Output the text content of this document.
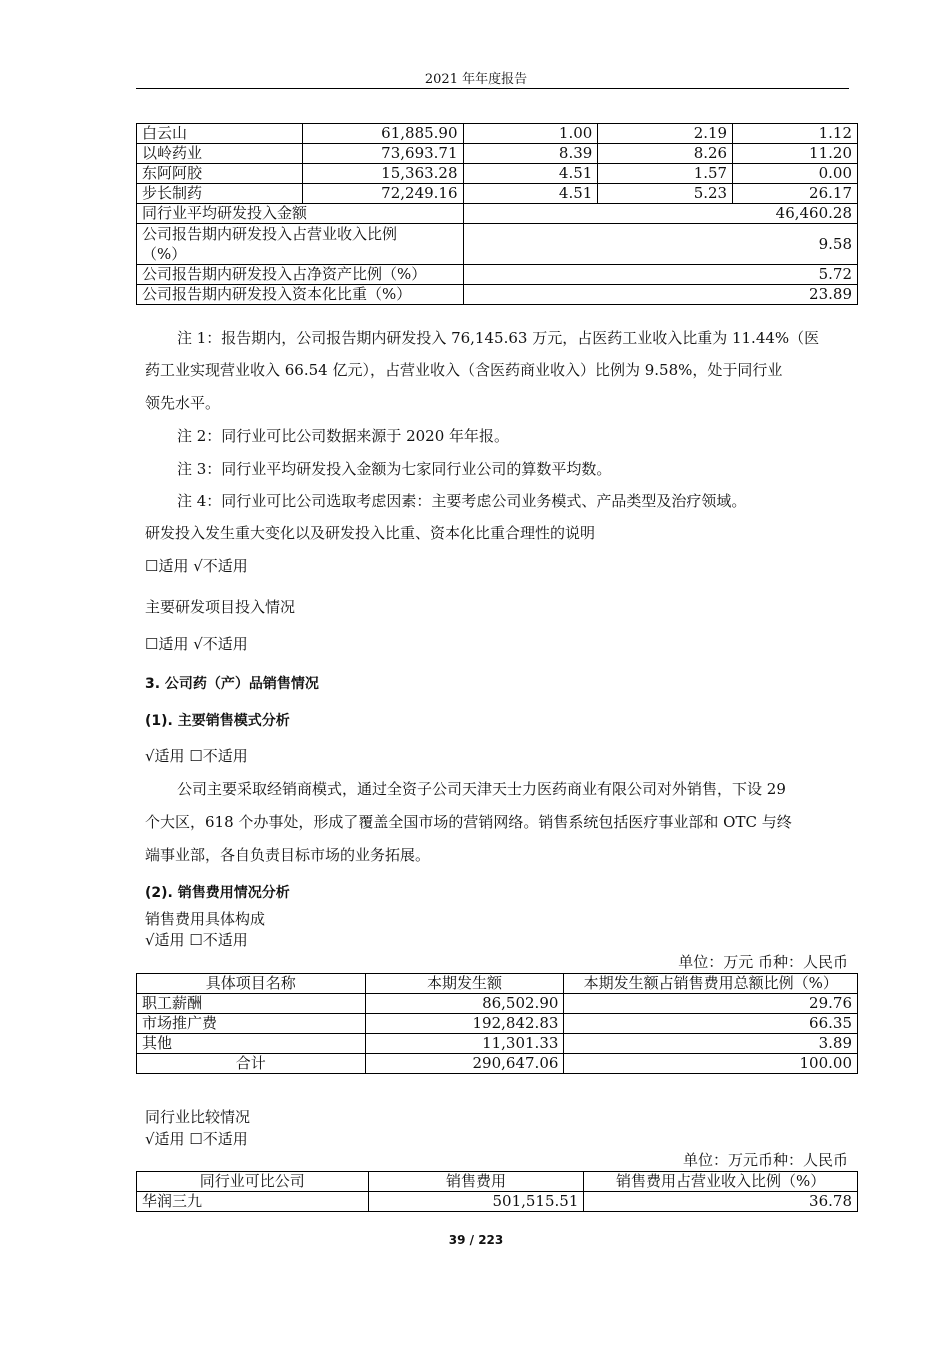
2021 年年度报告
白云山	61,885.90	1.00	2.19	1.12
以岭药业	73,693.71	8.39	8.26	11.20
东阿阿胶	15,363.28	4.51	1.57	0.00
步长制药	72,249.16	4.51	5.23	26.17
同行业平均研发投入金额		46,460.28		

公司报告期内研发投入占营业收入比例
（%）		9.58		
公司报告期内研发投入占净资产比例（%）		5.72		
公司报告期内研发投入资本化比重（%）		23.89		
注 1：报告期内，公司报告期内研发投入 76,145.63 万元，占医药工业收入比重为 11.44%（医
药工业实现营业收入 66.54 亿元），占营业收入（含医药商业收入）比例为 9.58%，处于同行业
领先水平。
注 2：同行业可比公司数据来源于 2020 年年报。
注 3：同行业平均研发投入金额为七家同行业公司的算数平均数。
注 4：同行业可比公司选取考虑因素：主要考虑公司业务模式、产品类型及治疗领域。
研发投入发生重大变化以及研发投入比重、资本化比重合理性的说明
☐适用 √不适用
主要研发项目投入情况
☐适用 √不适用
3. 公司药（产）品销售情况
(1). 主要销售模式分析
√适用 ☐不适用
公司主要采取经销商模式，通过全资子公司天津天士力医药商业有限公司对外销售，下设 29
个大区，618 个办事处，形成了覆盖全国市场的营销网络。销售系统包括医疗事业部和 OTC 与终
端事业部，各自负责目标市场的业务拓展。
(2). 销售费用情况分析
销售费用具体构成
√适用 ☐不适用
单位：万元 币种：人民币
具体项目名称	本期发生额	本期发生额占销售费用总额比例（%）
职工薪酬	86,502.90	29.76
市场推广费	192,842.83	66.35
其他	11,301.33	3.89
合计	290,647.06	100.00
同行业比较情况
√适用 ☐不适用
单位：万元币种：人民币
同行业可比公司	销售费用	销售费用占营业收入比例（%）
华润三九	501,515.51	36.78
39 / 223
